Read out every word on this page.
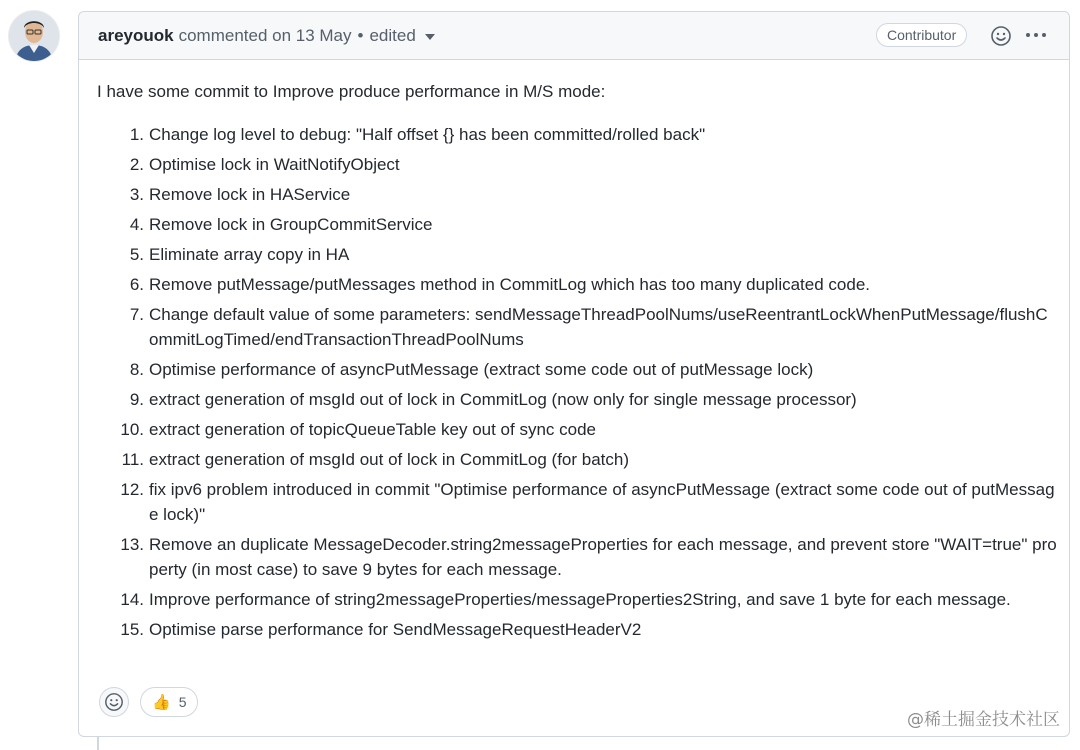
areyouok commented on 13 May • edited	Contributor

I have some commit to Improve produce performance in M/S mode:

1. Change log level to debug: "Half offset {} has been committed/rolled back"
2. Optimise lock in WaitNotifyObject
3. Remove lock in HAService
4. Remove lock in GroupCommitService
5. Eliminate array copy in HA
6. Remove putMessage/putMessages method in CommitLog which has too many duplicated code.
7. Change default value of some parameters: sendMessageThreadPoolNums/useReentrantLockWhenPutMessage/flushCommitLogTimed/endTransactionThreadPoolNums
8. Optimise performance of asyncPutMessage (extract some code out of putMessage lock)
9. extract generation of msgId out of lock in CommitLog (now only for single message processor)
10. extract generation of topicQueueTable key out of sync code
11. extract generation of msgId out of lock in CommitLog (for batch)
12. fix ipv6 problem introduced in commit "Optimise performance of asyncPutMessage (extract some code out of putMessage lock)"
13. Remove an duplicate MessageDecoder.string2messageProperties for each message, and prevent store "WAIT=true" property (in most case) to save 9 bytes for each message.
14. Improve performance of string2messageProperties/messageProperties2String, and save 1 byte for each message.
15. Optimise parse performance for SendMessageRequestHeaderV2
👍 5
@稀土掘金技术社区
